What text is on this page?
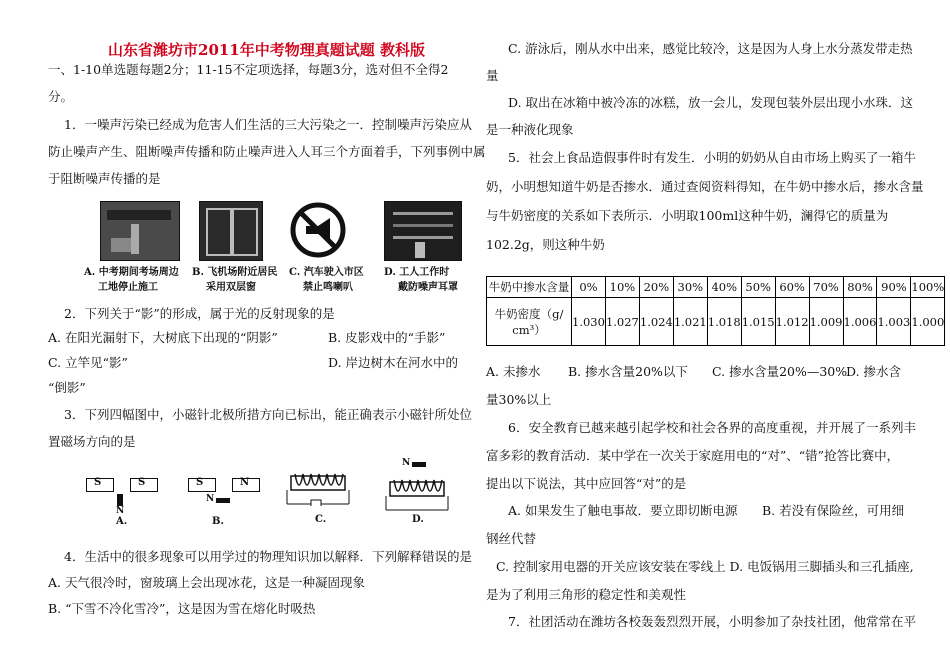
山东省潍坊市2011年中考物理真题试题 教科版
一、1-10单选题每题2分；11-15不定项选择，每题3分，选对但不全得2
分。
1．一噪声污染已经成为危害人们生活的三大污染之一．控制噪声污染应从
防止噪声产生、阻断噪声传播和防止噪声进入人耳三个方面着手，下列事例中属
于阻断噪声传播的是
A. 中考期间考场周边
工地停止施工
B. 飞机场附近居民
采用双层窗
C. 汽车驶入市区
禁止鸣喇叭
D. 工人工作时
戴防噪声耳罩
2．下列关于“影”的形成，属于光的反射现象的是
A. 在阳光漏射下，大树底下出现的“阴影”	B. 皮影戏中的“手影”
C. 立竿见“影”	D. 岸边树木在河水中的
“倒影”
3．下列四幅图中，小磁针北极所措方向已标出，能正确表示小磁针所处位
置磁场方向的是
S	S
N
A.
S	N
N
B.	C.
N
D.
4．生活中的很多现象可以用学过的物理知识加以解释．下列解释错误的是
A. 天气很冷时，窗玻璃上会出现冰花，这是一种凝固现象
B. “下雪不冷化雪冷”，这是因为雪在熔化时吸热
C. 游泳后，刚从水中出来，感觉比较冷，这是因为人身上水分蒸发带走热
量
D. 取出在冰箱中被冷冻的冰糕，放一会儿，发现包装外层出现小水珠．这
是一种液化现象
5．社会上食品造假事件时有发生．小明的奶奶从自由市场上购买了一箱牛
奶，小明想知道牛奶是否掺水．通过查阅资料得知，在牛奶中掺水后，掺水含量
与牛奶密度的关系如下表所示．小明取100ml这种牛奶，澜得它的质量为
102.2g，则这种牛奶
牛奶中掺水含量	0%	10%	20%	30%	40%	50%	60%	70%	80%	90%	100%

牛奶密度（g/
cm³）	1.030	1.027	1.024	1.021	1.018	1.015	1.012	1.009	1.006	1.003	1.000
A. 未掺水 B. 掺水含量20%以下 C. 掺水含量20%—30%
D. 掺水含
量30%以上
6．安全教育已越来越引起学校和社会各界的高度重视，并开展了一系列丰
富多彩的教育活动．某中学在一次关于家庭用电的“对”、“错”抢答比赛中，
提出以下说法，其中应回答“对”的是
A. 如果发生了触电事故．要立即切断电源 B. 若没有保险丝，可用细
钢丝代替
C. 控制家用电器的开关应该安装在零线上 D. 电饭锅用三脚插头和三孔插座,
是为了利用三角形的稳定性和美观性
7．社团活动在潍坊各校轰轰烈烈开展，小明参加了杂技社团，他常常在平
